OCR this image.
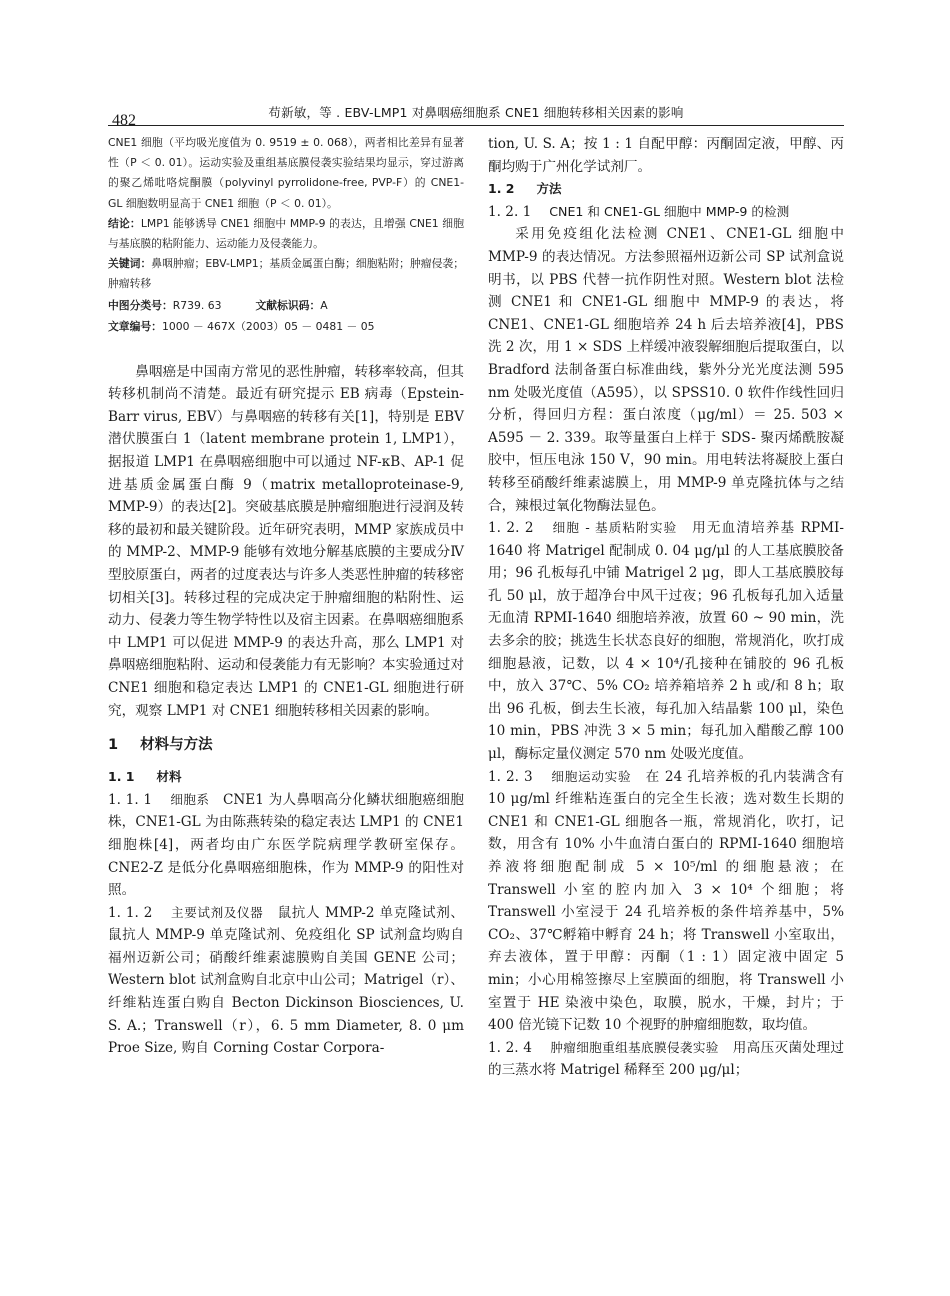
482	苟新敏，等 . EBV-LMP1 对鼻咽癌细胞系 CNE1 细胞转移相关因素的影响

CNE1 细胞（平均吸光度值为 0. 9519 ± 0. 068），两者相比差异有显著性（P ＜ 0. 01）。运动实验及重组基底膜侵袭实验结果均显示，穿过游离的聚乙烯吡咯烷酮膜（polyvinyl pyrrolidone-free, PVP-F）的 CNE1-GL 细胞数明显高于 CNE1 细胞（P ＜ 0. 01）。

结论：LMP1 能够诱导 CNE1 细胞中 MMP-9 的表达，且增强 CNE1 细胞与基底膜的粘附能力、运动能力及侵袭能力。

关键词：鼻咽肿瘤；EBV-LMP1；基质金属蛋白酶；细胞粘附；肿瘤侵袭；肿瘤转移

中图分类号：R739. 63	文献标识码：A

文章编号：1000 － 467X（2003）05 － 0481 － 05

鼻咽癌是中国南方常见的恶性肿瘤，转移率较高，但其转移机制尚不清楚。最近有研究提示 EB 病毒（Epstein-Barr virus, EBV）与鼻咽癌的转移有关[1]，特别是 EBV 潜伏膜蛋白 1（latent membrane protein 1, LMP1），据报道 LMP1 在鼻咽癌细胞中可以通过 NF-κB、AP-1 促进基质金属蛋白酶 9（matrix metalloproteinase-9, MMP-9）的表达[2]。突破基底膜是肿瘤细胞进行浸润及转移的最初和最关键阶段。近年研究表明，MMP 家族成员中的 MMP-2、MMP-9 能够有效地分解基底膜的主要成分Ⅳ型胶原蛋白，两者的过度表达与许多人类恶性肿瘤的转移密切相关[3]。转移过程的完成决定于肿瘤细胞的粘附性、运动力、侵袭力等生物学特性以及宿主因素。在鼻咽癌细胞系中 LMP1 可以促进 MMP-9 的表达升高，那么 LMP1 对鼻咽癌细胞粘附、运动和侵袭能力有无影响？本实验通过对 CNE1 细胞和稳定表达 LMP1 的 CNE1-GL 细胞进行研究，观察 LMP1 对 CNE1 细胞转移相关因素的影响。

1 材料与方法
1. 1 材料

1. 1. 1 细胞系  CNE1 为人鼻咽高分化鳞状细胞癌细胞株，CNE1-GL 为由陈燕转染的稳定表达 LMP1 的 CNE1 细胞株[4]，两者均由广东医学院病理学教研室保存。CNE2-Z 是低分化鼻咽癌细胞株，作为 MMP-9 的阳性对照。

1. 1. 2 主要试剂及仪器  鼠抗人 MMP-2 单克隆试剂、鼠抗人 MMP-9 单克隆试剂、免疫组化 SP 试剂盒均购自福州迈新公司；硝酸纤维素滤膜购自美国 GENE 公司；Western blot 试剂盒购自北京中山公司；Matrigel（r）、纤维粘连蛋白购自 Becton Dickinson Biosciences, U. S. A.；Transwell（r），6. 5 mm Diameter, 8. 0 μm Proe Size, 购自 Corning Costar Corpora-

tion, U. S. A；按 1 : 1 自配甲醇：丙酮固定液，甲醇、丙酮均购于广州化学试剂厂。

1. 2 方法

1. 2. 1 CNE1 和 CNE1-GL 细胞中 MMP-9 的检测

采用免疫组化法检测 CNE1、CNE1-GL 细胞中 MMP-9 的表达情况。方法参照福州迈新公司 SP 试剂盒说明书，以 PBS 代替一抗作阴性对照。Western blot 法检测 CNE1 和 CNE1-GL 细胞中 MMP-9 的表达，将 CNE1、CNE1-GL 细胞培养 24 h 后去培养液[4]，PBS 洗 2 次，用 1 × SDS 上样缓冲液裂解细胞后提取蛋白，以 Bradford 法制备蛋白标准曲线，紫外分光光度法测 595 nm 处吸光度值（A595），以 SPSS10. 0 软件作线性回归分析，得回归方程：蛋白浓度（μg/ml）＝ 25. 503 × A595 － 2. 339。取等量蛋白上样于 SDS- 聚丙烯酰胺凝胶中，恒压电泳 150 V，90 min。用电转法将凝胶上蛋白转移至硝酸纤维素滤膜上，用 MMP-9 单克隆抗体与之结合，辣根过氧化物酶法显色。

1. 2. 2 细胞 - 基质粘附实验  用无血清培养基 RPMI-1640 将 Matrigel 配制成 0. 04 μg/μl 的人工基底膜胶备用；96 孔板每孔中铺 Matrigel 2 μg，即人工基底膜胶每孔 50 μl，放于超净台中风干过夜；96 孔板每孔加入适量无血清 RPMI-1640 细胞培养液，放置 60 ~ 90 min，洗去多余的胶；挑选生长状态良好的细胞，常规消化，吹打成细胞悬液，记数，以 4 × 10⁴/孔接种在铺胶的 96 孔板中，放入 37℃、5% CO₂ 培养箱培养 2 h 或/和 8 h；取出 96 孔板，倒去生长液，每孔加入结晶紫 100 μl，染色 10 min，PBS 冲洗 3 × 5 min；每孔加入醋酸乙醇 100 μl，酶标定量仪测定 570 nm 处吸光度值。

1. 2. 3 细胞运动实验  在 24 孔培养板的孔内装满含有 10 μg/ml 纤维粘连蛋白的完全生长液；选对数生长期的 CNE1 和 CNE1-GL 细胞各一瓶，常规消化，吹打，记数，用含有 10% 小牛血清白蛋白的 RPMI-1640 细胞培养液将细胞配制成 5 × 10⁵/ml 的细胞悬液；在 Transwell 小室的腔内加入 3 × 10⁴ 个细胞；将 Transwell 小室浸于 24 孔培养板的条件培养基中，5% CO₂、37℃孵箱中孵育 24 h；将 Transwell 小室取出，弃去液体，置于甲醇：丙酮（1 : 1）固定液中固定 5 min；小心用棉签擦尽上室膜面的细胞，将 Transwell 小室置于 HE 染液中染色，取膜，脱水，干燥，封片；于 400 倍光镜下记数 10 个视野的肿瘤细胞数，取均值。

1. 2. 4 肿瘤细胞重组基底膜侵袭实验  用高压灭菌处理过的三蒸水将 Matrigel 稀释至 200 μg/μl；
